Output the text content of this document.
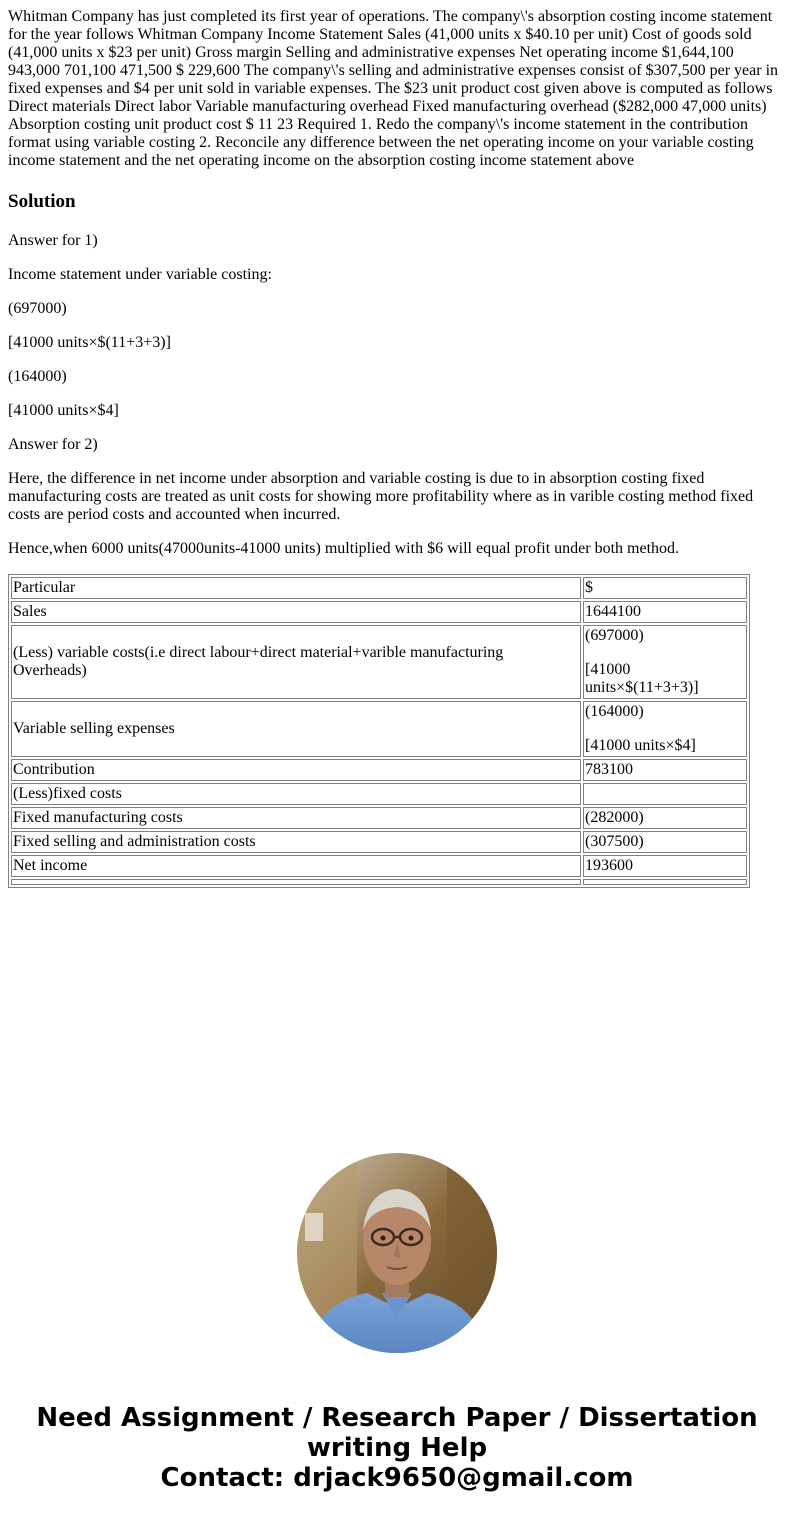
Whitman Company has just completed its first year of operations. The company\'s absorption costing income statement for the year follows Whitman Company Income Statement Sales (41,000 units x $40.10 per unit) Cost of goods sold (41,000 units x $23 per unit) Gross margin Selling and administrative expenses Net operating income $1,644,100 943,000 701,100 471,500 $ 229,600 The company\'s selling and administrative expenses consist of $307,500 per year in fixed expenses and $4 per unit sold in variable expenses. The $23 unit product cost given above is computed as follows Direct materials Direct labor Variable manufacturing overhead Fixed manufacturing overhead ($282,000 47,000 units) Absorption costing unit product cost $ 11 23 Required 1. Redo the company\'s income statement in the contribution format using variable costing 2. Reconcile any difference between the net operating income on your variable costing income statement and the net operating income on the absorption costing income statement above

Solution

Answer for 1)

Income statement under variable costing:

(697000)

[41000 units×$(11+3+3)]

(164000)

[41000 units×$4]

Answer for 2)

Here, the difference in net income under absorption and variable costing is due to in absorption costing fixed manufacturing costs are treated as unit costs for showing more profitability where as in varible costing method fixed costs are period costs and accounted when incurred.

Hence,when 6000 units(47000units-41000 units) multiplied with $6 will equal profit under both method.

Particular	$
Sales	1644100
(Less) variable costs(i.e direct labour+direct material+varible manufacturing Overheads)	(697000)

[41000 units×$(11+3+3)]

Variable selling expenses	(164000)

[41000 units×$4]

Contribution	783100
(Less)fixed costs	
Fixed manufacturing costs	(282000)
Fixed selling and administration costs	(307500)
Net income	193600

Need Assignment / Research Paper / Dissertation
writing Help
Contact: drjack9650@gmail.com
